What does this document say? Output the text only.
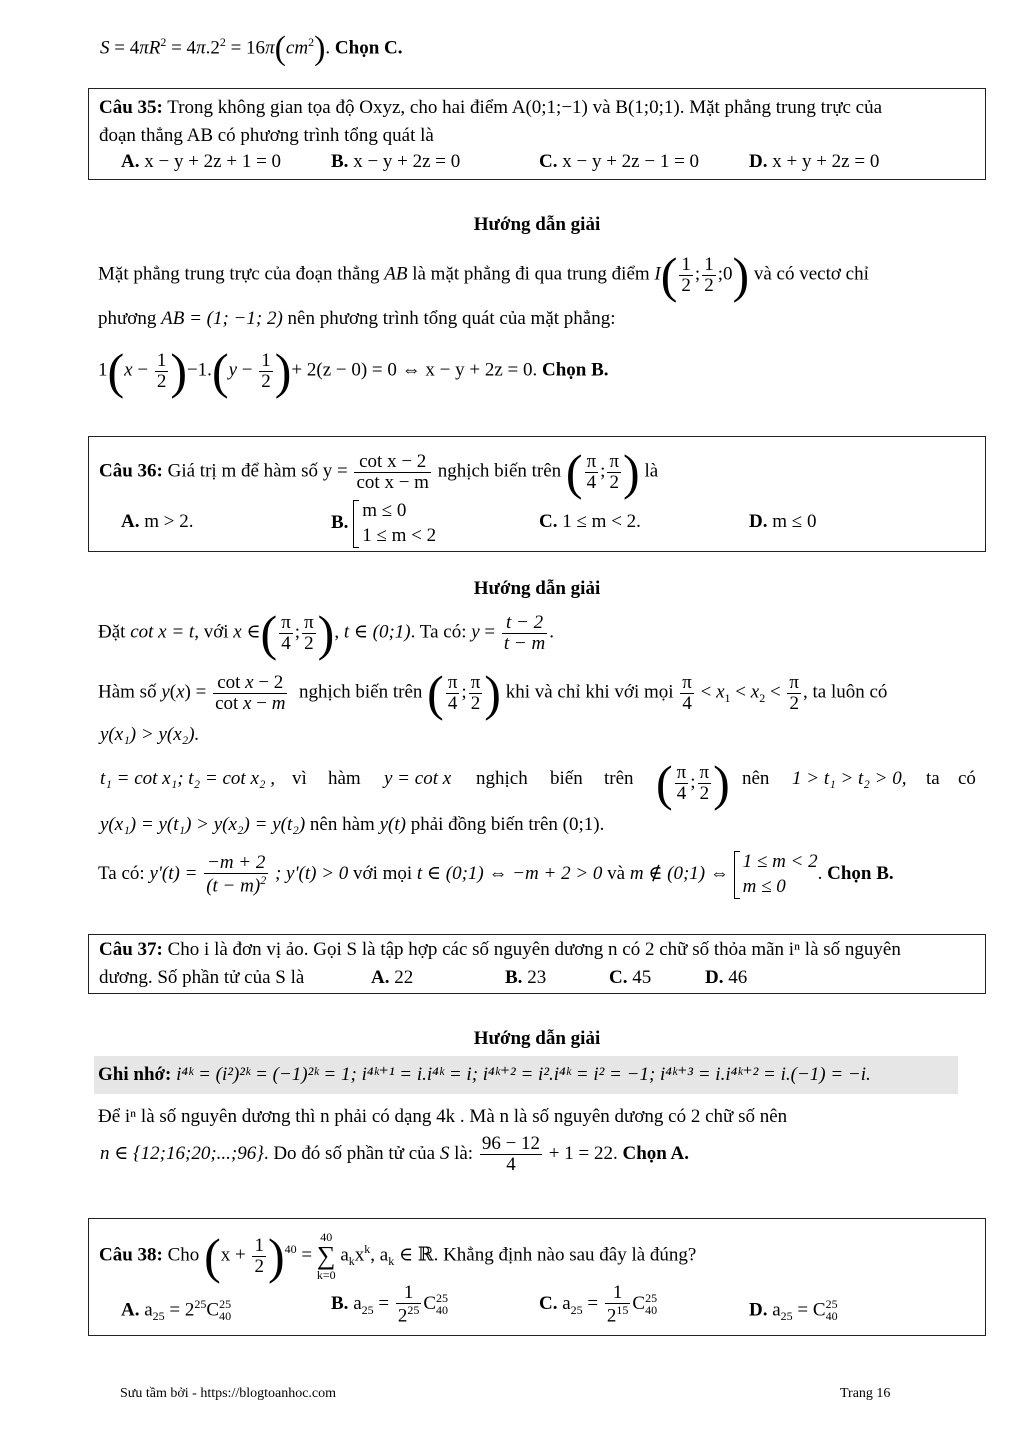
$S = 4\pi R^2 = 4\pi.2^2 = 16\pi(cm^2)$. Chọn C.
Câu 35: Trong không gian tọa độ Oxyz, cho hai điểm A(0;1;−1) và B(1;0;1). Mặt phẳng trung trực của
đoạn thẳng AB có phương trình tổng quát là
A. x − y + 2z + 1 = 0	B. x − y + 2z = 0	C. x − y + 2z − 1 = 0	D. x + y + 2z = 0
Hướng dẫn giải
Mặt phẳng trung trực của đoạn thẳng AB là mặt phẳng đi qua trung điểm $I( \frac{1}{2}$ ; $\frac{1}{2}$ ;0) và có vectơ chỉ
phương AB = (1; −1; 2) nên phương trình tổng quát của mặt phẳng:
$1(x - \frac{1}{2} )-1.(y - \frac{1}{2}$ )+ 2(z − 0) = 0 ⇔ x − y + 2z = 0. Chọn B.
Câu 36: Giá trị m để hàm số $y = \frac{\text{cot x − 2}}{\text{cot x − m}}$ nghịch biến trên ( $\frac{\pi}{4}$ ; $\frac{\pi}{2}$ ) là
A. m > 2.	B. m ≤ 0
1 ≤ m < 2
C. 1 ≤ m < 2.	D. m ≤ 0
Hướng dẫn giải
Đặt cot x = t, với x ∈( $\frac{\pi}{4}$ ; $\frac{\pi}{2}$ ), t ∈ (0;1). Ta có: $y = \frac{t - 2}{t - m}$ .
Hàm số $y(x) = \frac{\text{cot x − 2}}{\text{cot x − m}}$ nghịch biến trên ( $\frac{\pi}{4}$ ; $\frac{\pi}{2}$ ) khi và chỉ khi với mọi $\frac{\pi}{4} < x_1 < x_2 < \frac{\pi}{2}$ , ta luôn có
y(x₁) > y(x₂).
t₁ = cot x₁; t₂ = cot x₂ , vì hàm y = cot x nghịch biến trên ( $\frac{\pi}{4}$ ; $\frac{\pi}{2}$ ) nên 1 > t₁ > t₂ > 0, ta có
y(x₁) = y(t₁) > y(x₂) = y(t₂) nên hàm y(t) phải đồng biến trên (0;1).
Ta có: $y'(t) = \frac{-m + 2}{(t - m)^2}$ ; y'(t) > 0 với mọi t ∈ (0;1) ⇔ −m + 2 > 0 và m ∉ (0;1) ⇔ 1 ≤ m < 2
m ≤ 0. Chọn B.
Câu 37: Cho i là đơn vị ảo. Gọi S là tập hợp các số nguyên dương n có 2 chữ số thỏa mãn iⁿ là số nguyên
dương. Số phần tử của S là	A. 22	B. 23	C. 45	D. 46
Hướng dẫn giải
Ghi nhớ: i⁴ᵏ = (i²)²ᵏ = (−1)²ᵏ = 1; i⁴ᵏ⁺¹ = i.i⁴ᵏ = i; i⁴ᵏ⁺² = i².i⁴ᵏ = i² = −1; i⁴ᵏ⁺³ = i.i⁴ᵏ⁺² = i.(−1) = −i.
Để iⁿ là số nguyên dương thì n phải có dạng 4k . Mà n là số nguyên dương có 2 chữ số nên
n ∈ {12;16;20;...;96}. Do đó số phần tử của S là: $\frac{96 - 12}{4} + 1 = 22$. Chọn A.
Câu 38: Cho $(x + \frac{1}{2} )^{40} = 40$
∑
k=0 $a_kx^k$, $a_k$ ∈ ℝ. Khẳng định nào sau đây là đúng?
A. $a_{25} = 2^{25}C_{40}^{25}$	B. $a_{25} = \frac{1}{2^{25}} C_{40}^{25}$	C. $a_{25} = \frac{1}{2^{15}} C_{40}^{25}$
D. $a_{25} = C_{40}^{25}$
Sưu tầm bởi - https://blogtoanhoc.com	Trang 16
